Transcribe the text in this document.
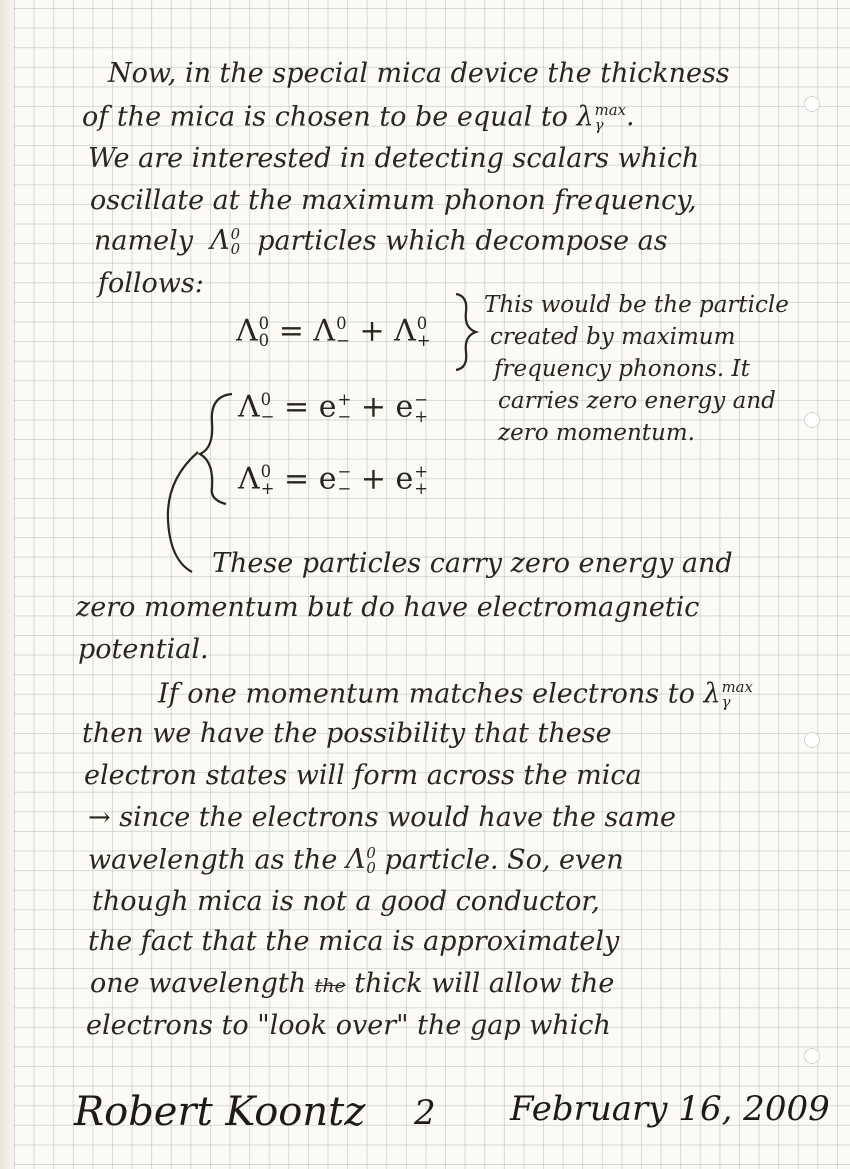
Now, in the special mica device the thickness
of the mica is chosen to be equal to λ max
γ .
We are interested in detecting scalars which
oscillate at the maximum phonon frequency,
namely Λ 0
0 particles which decompose as
follows:
Λ 0
0 = Λ 0
− + Λ 0
+
This would be the particle
created by maximum
frequency phonons. It
carries zero energy and
zero momentum.
Λ 0
− = e +
− + e −
+
Λ 0
+ = e −
− + e +
+
These particles carry zero energy and
zero momentum but do have electromagnetic
potential.
If one momentum matches electrons to λ max
γ
then we have the possibility that these
electron states will form across the mica
→ since the electrons would have the same
wavelength as the Λ 0
0 particle. So, even
though mica is not a good conductor,
the fact that the mica is approximately
one wavelength the thick will allow the
electrons to "look over" the gap which
Robert Koontz 2 February 16, 2009
